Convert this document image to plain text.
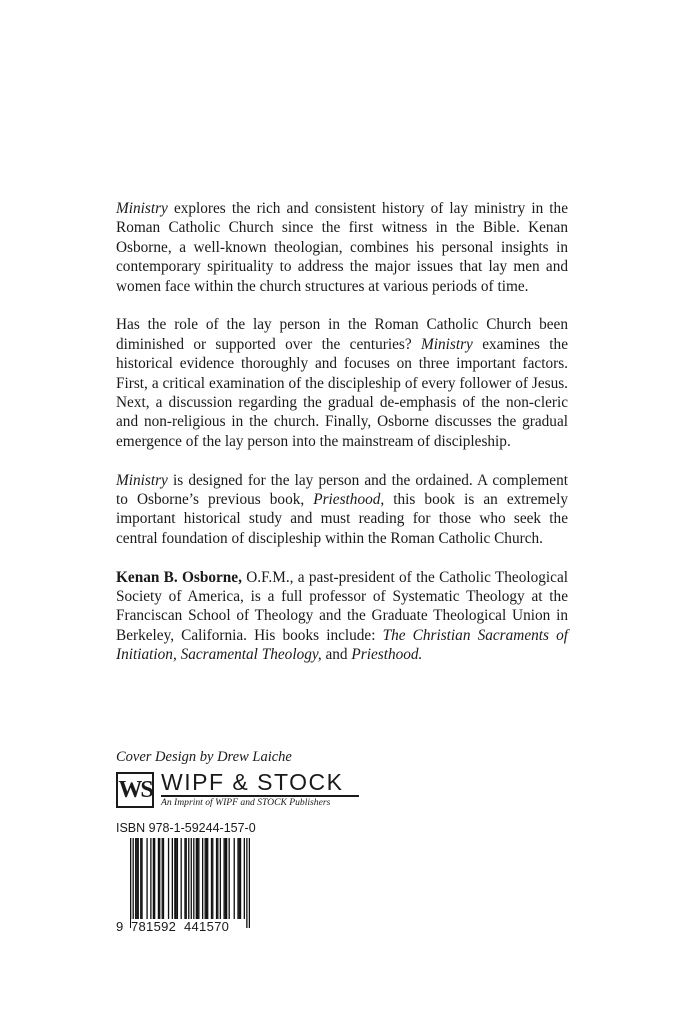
Ministry explores the rich and consistent history of lay ministry in the Roman Catholic Church since the first witness in the Bible. Kenan Osborne, a well-known theologian, combines his personal insights in contemporary spirituality to address the major issues that lay men and women face within the church structures at various periods of time.

Has the role of the lay person in the Roman Catholic Church been diminished or supported over the centuries? Ministry examines the historical evidence thoroughly and focuses on three important factors. First, a critical examination of the discipleship of every follower of Jesus. Next, a discussion regarding the gradual de-emphasis of the non-cleric and non-religious in the church. Finally, Osborne discusses the gradual emergence of the lay person into the mainstream of discipleship.

Ministry is designed for the lay person and the ordained. A complement to Osborne’s previous book, Priesthood, this book is an extremely important historical study and must reading for those who seek the central foundation of discipleship within the Roman Catholic Church.

Kenan B. Osborne, O.F.M., a past-president of the Catholic Theological Society of America, is a full professor of Systematic Theology at the Franciscan School of Theology and the Graduate Theological Union in Berkeley, California. His books include: The Christian Sacraments of Initiation, Sacramental Theology, and Priesthood.

Cover Design by Drew Laiche
WS WIPF & STOCK
An Imprint of WIPF and STOCK Publishers
ISBN 978-1-59244-157-0
9 781592 441570
